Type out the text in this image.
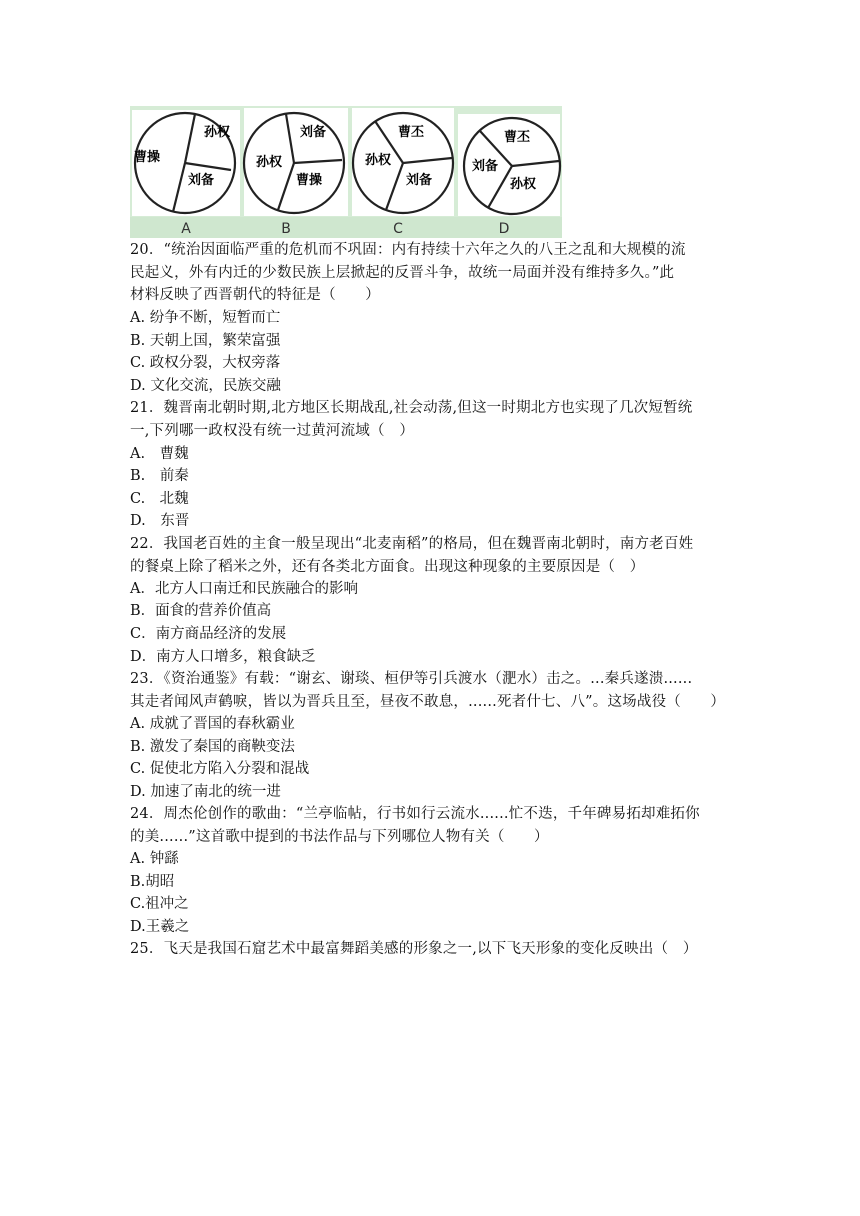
孙权
曹操
刘备
刘备
孙权
曹操
曹丕
孙权
刘备
曹丕
刘备
孙权
A	B	C	D
20．“统治因面临严重的危机而不巩固：内有持续十六年之久的八王之乱和大规模的流
民起义，外有内迁的少数民族上层掀起的反晋斗争，故统一局面并没有维持多久。”此
材料反映了西晋朝代的特征是（　　）
A. 纷争不断，短暂而亡
B. 天朝上国，繁荣富强
C. 政权分裂，大权旁落
D. 文化交流，民族交融
21．魏晋南北朝时期,北方地区长期战乱,社会动荡,但这一时期北方也实现了几次短暂统
一,下列哪一政权没有统一过黄河流域（　）
A.　曹魏
B.　前秦
C.　北魏
D.　东晋
22．我国老百姓的主食一般呈现出“北麦南稻”的格局，但在魏晋南北朝时，南方老百姓
的餐桌上除了稻米之外，还有各类北方面食。出现这种现象的主要原因是（　）
A．北方人口南迁和民族融合的影响
B．面食的营养价值高
C．南方商品经济的发展
D．南方人口增多，粮食缺乏
23．《资治通鉴》有载：“谢玄、谢琰、桓伊等引兵渡水（淝水）击之。...秦兵遂溃......
其走者闻风声鹤唳，皆以为晋兵且至，昼夜不敢息，......死者什七、八”。这场战役（　　）
A. 成就了晋国的春秋霸业
B. 激发了秦国的商鞅变法
C. 促使北方陷入分裂和混战
D. 加速了南北的统一进
24．周杰伦创作的歌曲：“兰亭临帖，行书如行云流水......忙不迭，千年碑易拓却难拓你
的美......”这首歌中提到的书法作品与下列哪位人物有关（　　）
A. 钟繇
B.胡昭
C.祖冲之
D.王羲之
25．飞天是我国石窟艺术中最富舞蹈美感的形象之一,以下飞天形象的变化反映出（　）
